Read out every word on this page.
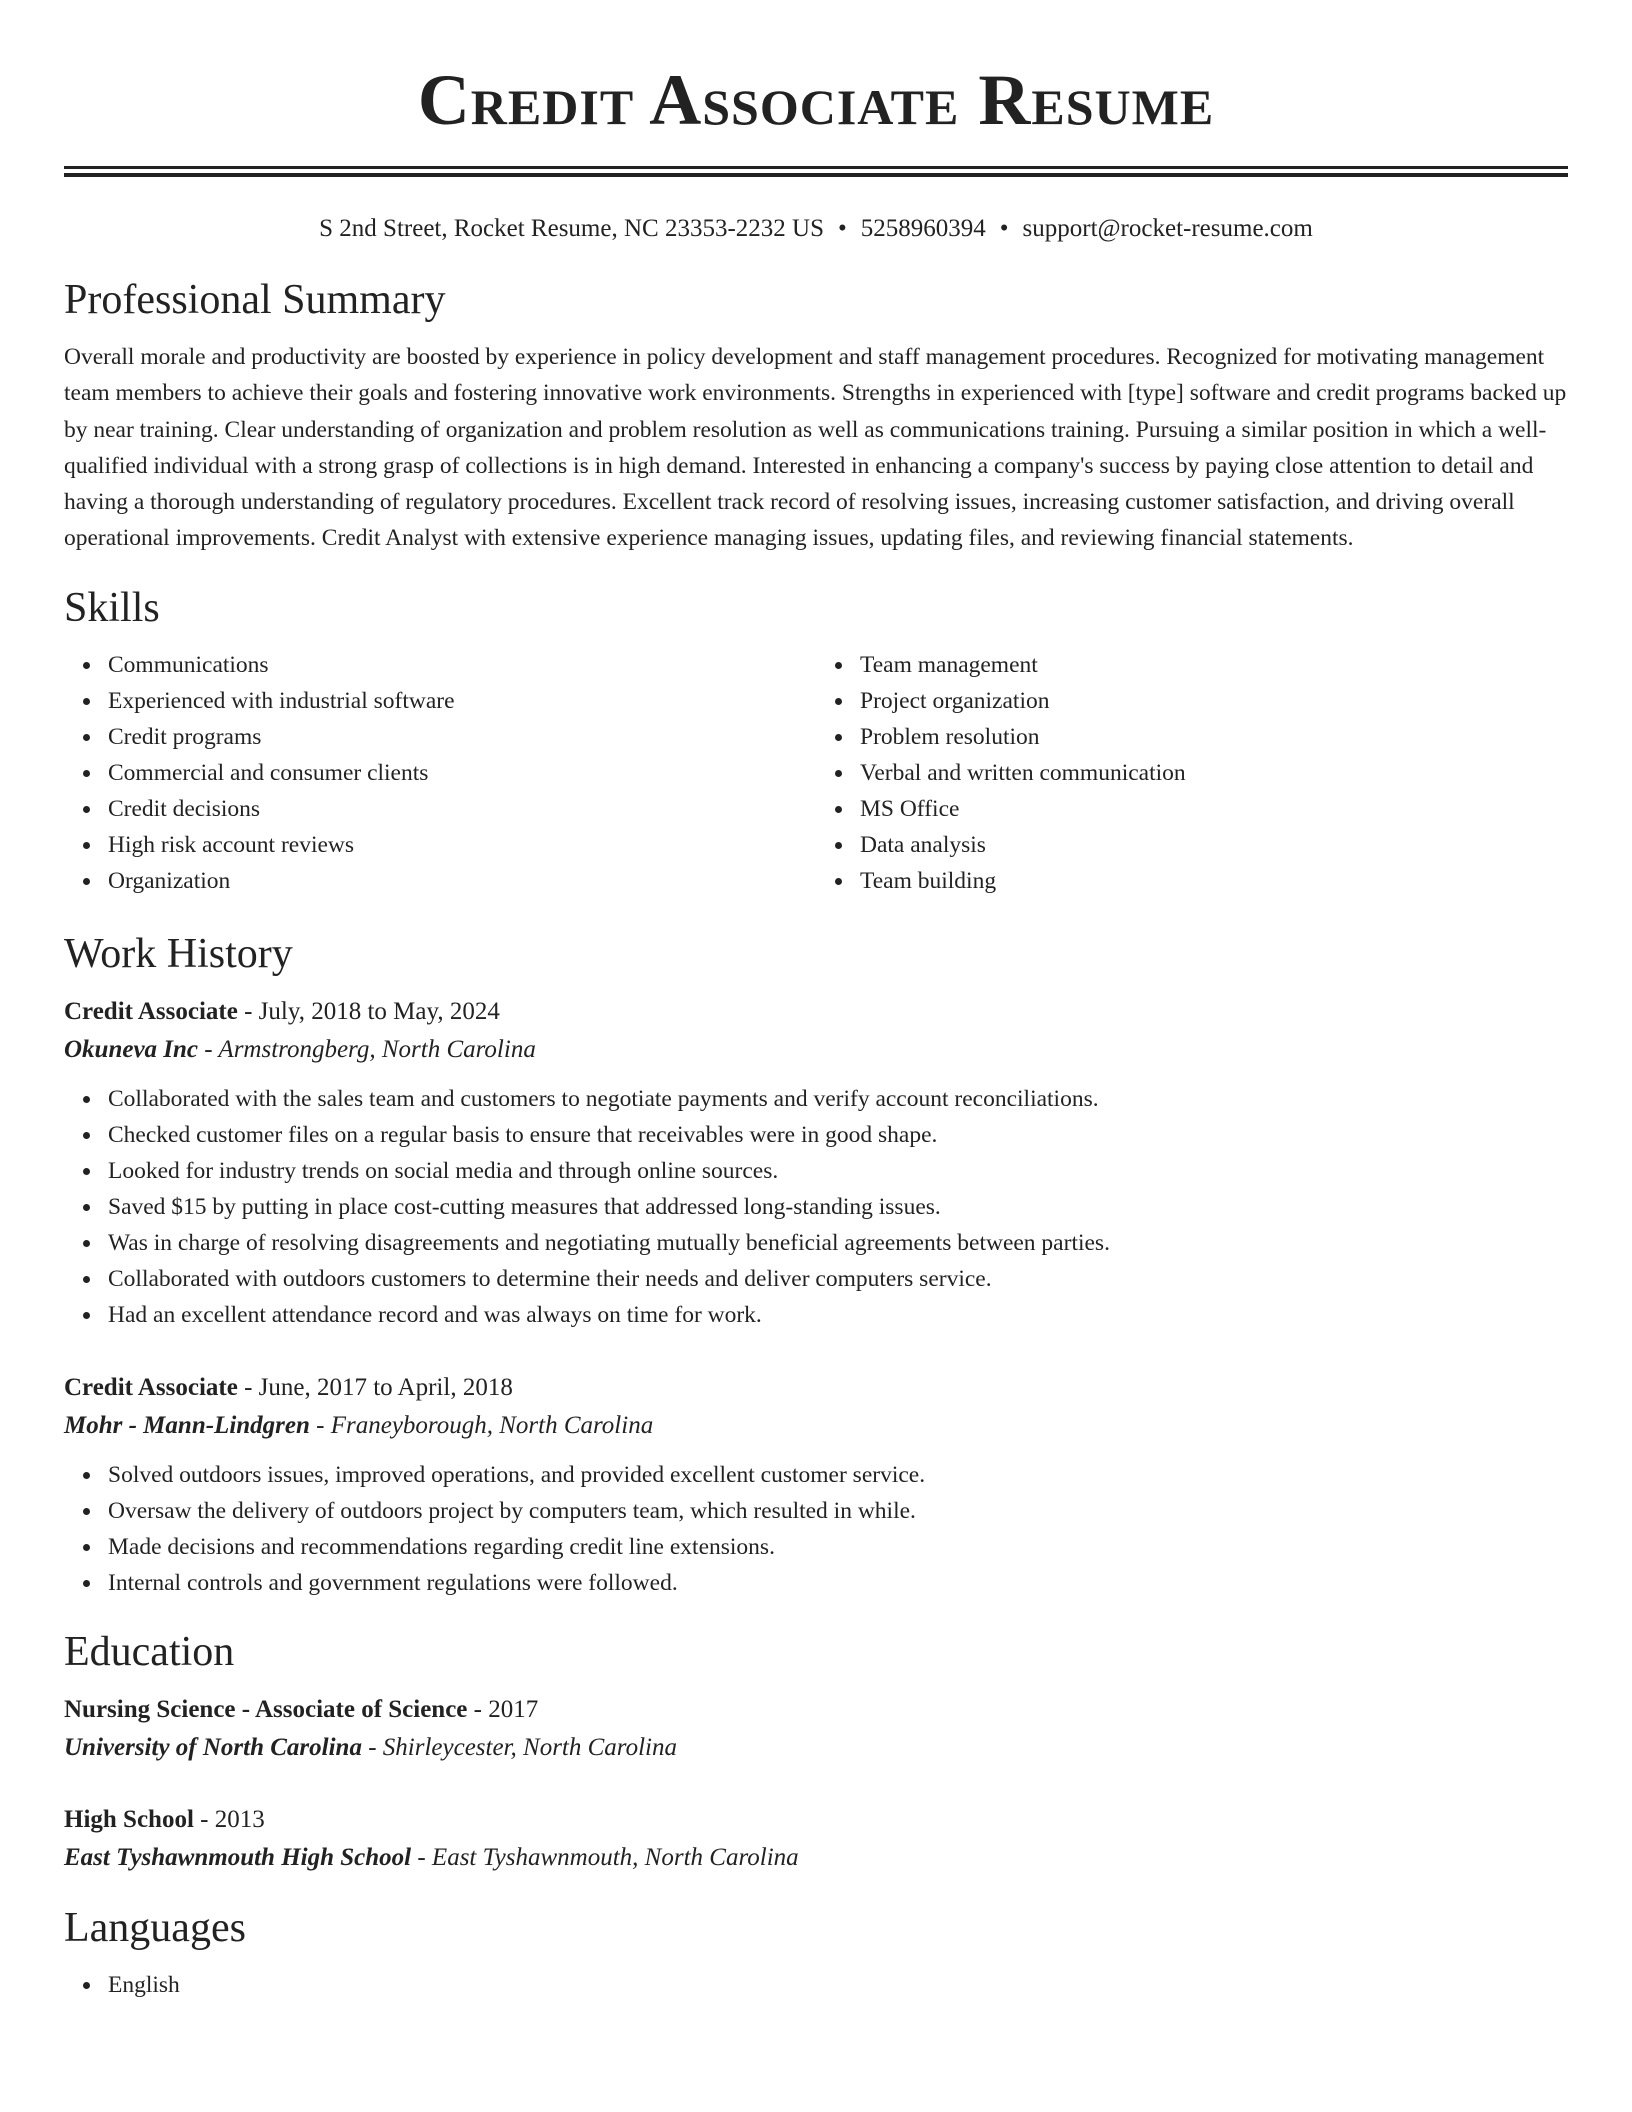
Credit Associate Resume
S 2nd Street, Rocket Resume, NC 23353-2232 US • 5258960394 • support@rocket-resume.com
Professional Summary
Overall morale and productivity are boosted by experience in policy development and staff management procedures. Recognized for motivating management team members to achieve their goals and fostering innovative work environments. Strengths in experienced with [type] software and credit programs backed up by near training. Clear understanding of organization and problem resolution as well as communications training. Pursuing a similar position in which a well-qualified individual with a strong grasp of collections is in high demand. Interested in enhancing a company's success by paying close attention to detail and having a thorough understanding of regulatory procedures. Excellent track record of resolving issues, increasing customer satisfaction, and driving overall operational improvements. Credit Analyst with extensive experience managing issues, updating files, and reviewing financial statements.
Skills
Communications
Experienced with industrial software
Credit programs
Commercial and consumer clients
Credit decisions
High risk account reviews
Organization
Team management
Project organization
Problem resolution
Verbal and written communication
MS Office
Data analysis
Team building
Work History
Credit Associate - July, 2018 to May, 2024
Okuneva Inc - Armstrongberg, North Carolina
Collaborated with the sales team and customers to negotiate payments and verify account reconciliations.
Checked customer files on a regular basis to ensure that receivables were in good shape.
Looked for industry trends on social media and through online sources.
Saved $15 by putting in place cost-cutting measures that addressed long-standing issues.
Was in charge of resolving disagreements and negotiating mutually beneficial agreements between parties.
Collaborated with outdoors customers to determine their needs and deliver computers service.
Had an excellent attendance record and was always on time for work.
Credit Associate - June, 2017 to April, 2018
Mohr - Mann-Lindgren - Franeyborough, North Carolina
Solved outdoors issues, improved operations, and provided excellent customer service.
Oversaw the delivery of outdoors project by computers team, which resulted in while.
Made decisions and recommendations regarding credit line extensions.
Internal controls and government regulations were followed.
Education
Nursing Science - Associate of Science - 2017
University of North Carolina - Shirleycester, North Carolina
High School - 2013
East Tyshawnmouth High School - East Tyshawnmouth, North Carolina
Languages
English
